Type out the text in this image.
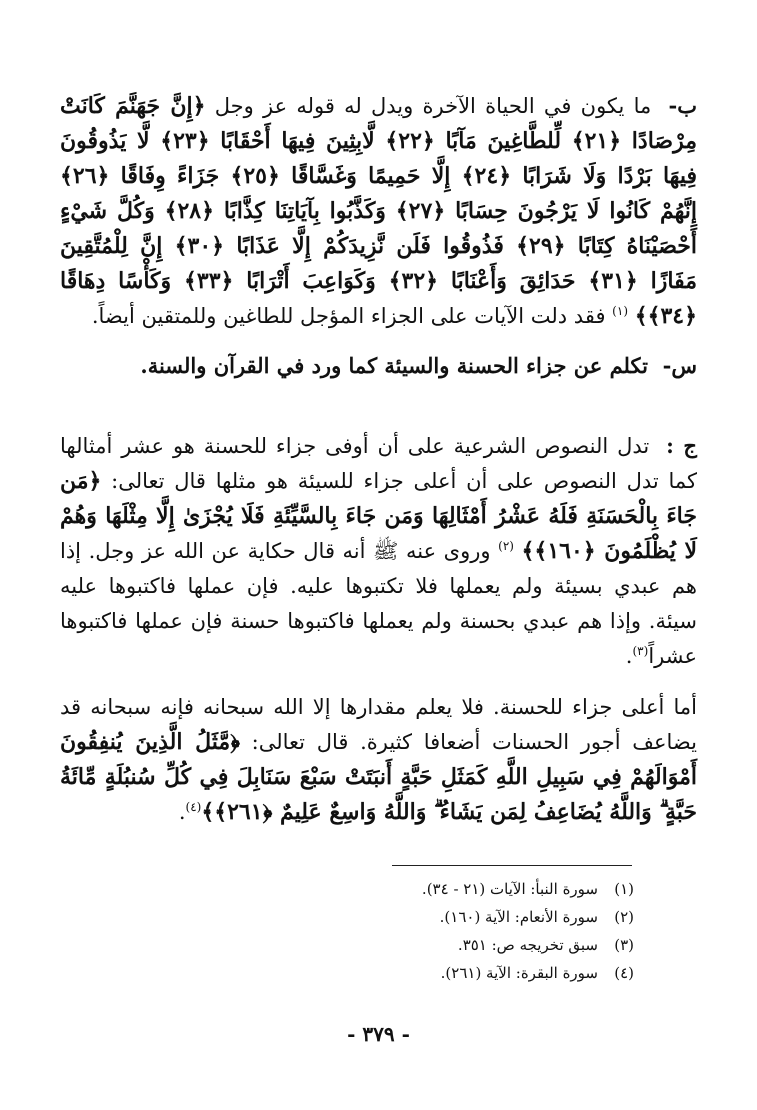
ب- ما يكون في الحياة الآخرة ويدل له قوله عز وجل ﴿إِنَّ جَهَنَّمَ كَانَتْ مِرْصَادًا ﴿٢١﴾ لِّلطَّاغِينَ مَآبًا ﴿٢٢﴾ لَّابِثِينَ فِيهَا أَحْقَابًا ﴿٢٣﴾ لَّا يَذُوقُونَ فِيهَا بَرْدًا وَلَا شَرَابًا ﴿٢٤﴾ إِلَّا حَمِيمًا وَغَسَّاقًا ﴿٢٥﴾ جَزَاءً وِفَاقًا ﴿٢٦﴾ إِنَّهُمْ كَانُوا لَا يَرْجُونَ حِسَابًا ﴿٢٧﴾ وَكَذَّبُوا بِآيَاتِنَا كِذَّابًا ﴿٢٨﴾ وَكُلَّ شَيْءٍ أَحْصَيْنَاهُ كِتَابًا ﴿٢٩﴾ فَذُوقُوا فَلَن نَّزِيدَكُمْ إِلَّا عَذَابًا ﴿٣٠﴾ إِنَّ لِلْمُتَّقِينَ مَفَازًا ﴿٣١﴾ حَدَائِقَ وَأَعْنَابًا ﴿٣٢﴾ وَكَوَاعِبَ أَتْرَابًا ﴿٣٣﴾ وَكَأْسًا دِهَاقًا ﴿٣٤﴾﴾ $^{(١)}$ فقد دلت الآيات على الجزاء المؤجل للطاغين وللمتقين أيضاً.
س- تكلم عن جزاء الحسنة والسيئة كما ورد في القرآن والسنة.
ج : تدل النصوص الشرعية على أن أوفى جزاء للحسنة هو عشر أمثالها كما تدل النصوص على أن أعلى جزاء للسيئة هو مثلها قال تعالى: ﴿مَن جَاءَ بِالْحَسَنَةِ فَلَهُ عَشْرُ أَمْثَالِهَا وَمَن جَاءَ بِالسَّيِّئَةِ فَلَا يُجْزَىٰ إِلَّا مِثْلَهَا وَهُمْ لَا يُظْلَمُونَ ﴿١٦٠﴾﴾ $^{(٢)}$ وروى عنه ﷺ أنه قال حكاية عن الله عز وجل. إذا هم عبدي بسيئة ولم يعملها فلا تكتبوها عليه. فإن عملها فاكتبوها عليه سيئة. وإذا هم عبدي بحسنة ولم يعملها فاكتبوها حسنة فإن عملها فاكتبوها عشراً$^{(٣)}$.
أما أعلى جزاء للحسنة. فلا يعلم مقدارها إلا الله سبحانه فإنه سبحانه قد يضاعف أجور الحسنات أضعافا كثيرة. قال تعالى: ﴿مَّثَلُ الَّذِينَ يُنفِقُونَ أَمْوَالَهُمْ فِي سَبِيلِ اللَّهِ كَمَثَلِ حَبَّةٍ أَنبَتَتْ سَبْعَ سَنَابِلَ فِي كُلِّ سُنبُلَةٍ مِّائَةُ حَبَّةٍ ۗ وَاللَّهُ يُضَاعِفُ لِمَن يَشَاءُ ۗ وَاللَّهُ وَاسِعٌ عَلِيمٌ ﴿٢٦١﴾﴾$^{(٤)}$.
(١)
سورة النبأ: الآيات (٢١ - ٣٤).
(٢)
سورة الأنعام: الآية (١٦٠).
(٣)
سبق تخريجه ص: ٣٥١.
(٤)
سورة البقرة: الآية (٢٦١).
- ٣٧٩ -
